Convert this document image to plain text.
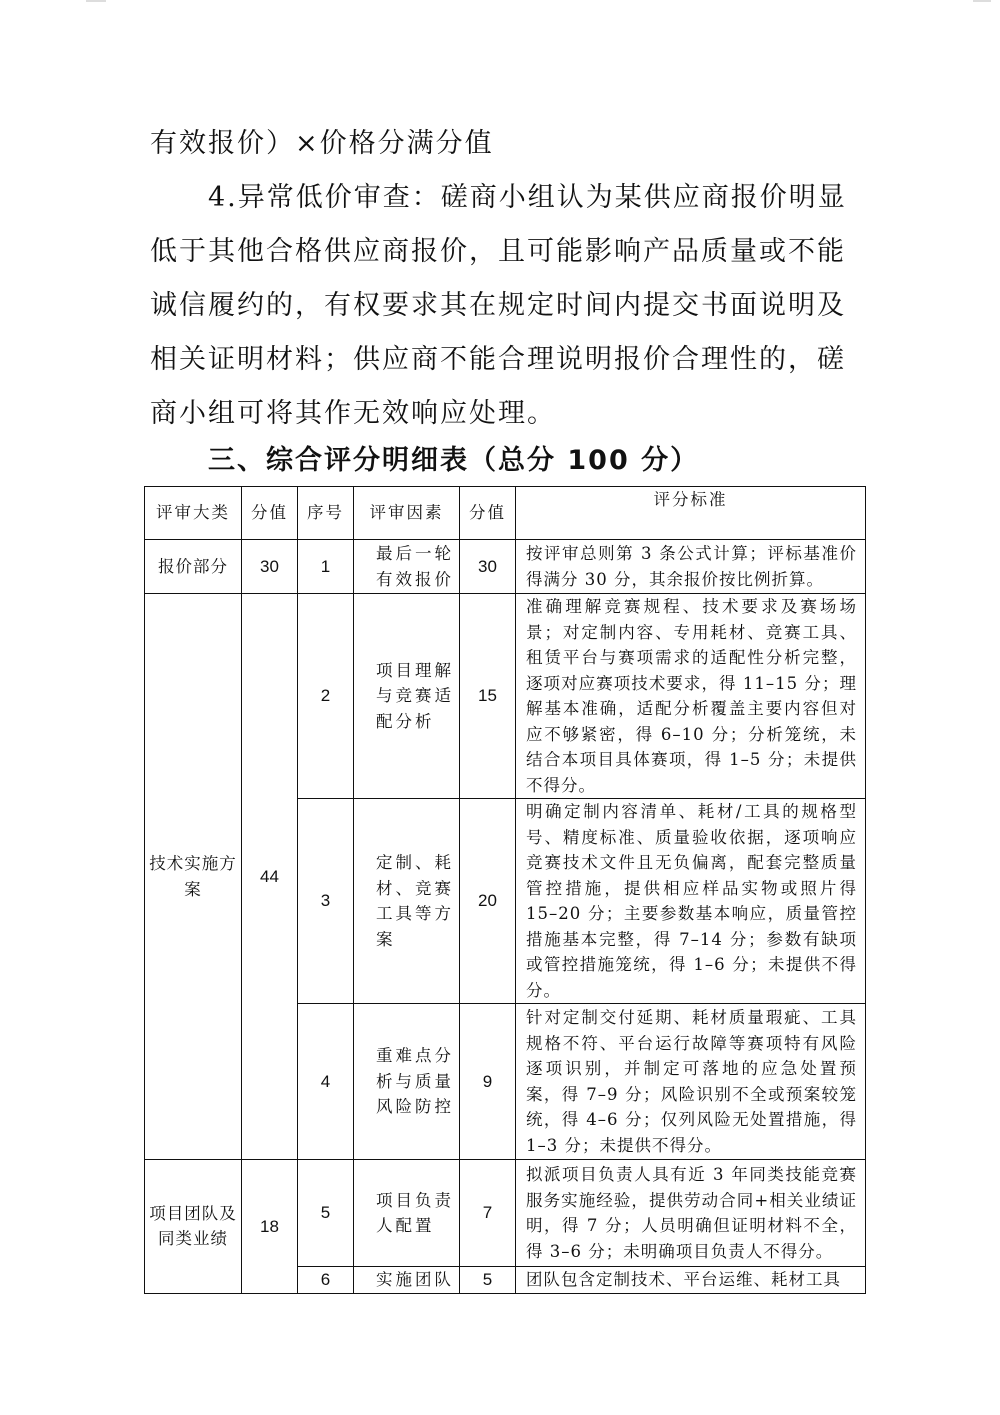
有效报价）×价格分满分值

4.异常低价审查：磋商小组认为某供应商报价明显低于其他合格供应商报价，且可能影响产品质量或不能诚信履约的，有权要求其在规定时间内提交书面说明及相关证明材料；供应商不能合理说明报价合理性的，磋商小组可将其作无效响应处理。

三、综合评分明细表（总分 100 分）
评审大类	分值	序号	评审因素	分值	评分标准
报价部分	30	1	最后一轮有效报价	30	按评审总则第 3 条公式计算；评标基准价得满分 30 分，其余报价按比例折算。
技术实施方案	44	2	项目理解与竞赛适配分析	15	准确理解竞赛规程、技术要求及赛场场景；对定制内容、专用耗材、竞赛工具、租赁平台与赛项需求的适配性分析完整，逐项对应赛项技术要求，得 11–15 分；理解基本准确，适配分析覆盖主要内容但对应不够紧密，得 6–10 分；分析笼统，未结合本项目具体赛项，得 1–5 分；未提供不得分。
		3	定制、耗材、竞赛工具等方案	20	明确定制内容清单、耗材/工具的规格型号、精度标准、质量验收依据，逐项响应竞赛技术文件且无负偏离，配套完整质量管控措施，提供相应样品实物或照片得 15–20 分；主要参数基本响应，质量管控措施基本完整，得 7–14 分；参数有缺项或管控措施笼统，得 1–6 分；未提供不得分。
		4	重难点分析与质量风险防控	9	针对定制交付延期、耗材质量瑕疵、工具规格不符、平台运行故障等赛项特有风险逐项识别，并制定可落地的应急处置预案，得 7–9 分；风险识别不全或预案较笼统，得 4–6 分；仅列风险无处置措施，得 1–3 分；未提供不得分。
项目团队及同类业绩	18	5	项目负责人配置	7	拟派项目负责人具有近 3 年同类技能竞赛服务实施经验，提供劳动合同+相关业绩证明，得 7 分；人员明确但证明材料不全，得 3–6 分；未明确项目负责人不得分。
		6	实施团队	5	团队包含定制技术、平台运维、耗材工具
